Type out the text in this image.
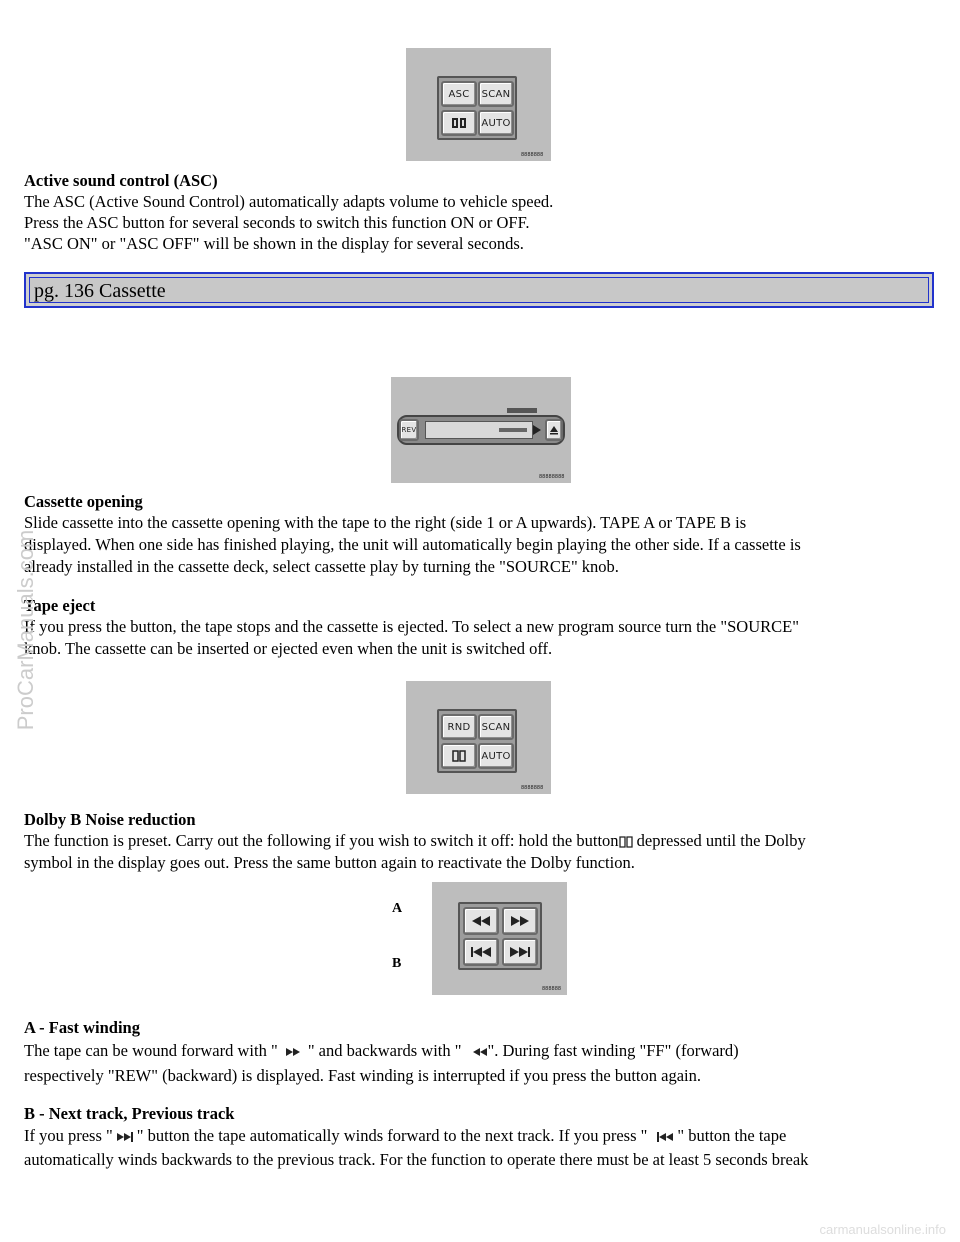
ASC	SCAN
AUTO
8888888

Active sound control (ASC)

The ASC (Active Sound Control) automatically adapts volume to vehicle speed.

Press the ASC button for several seconds to switch this function ON or OFF.

"ASC ON" or "ASC OFF" will be shown in the display for several seconds.

pg. 136 Cassette
REV
88888888

Cassette opening

Slide cassette into the cassette opening with the tape to the right (side 1 or A upwards). TAPE A or TAPE B is

displayed. When one side has finished playing, the unit will automatically begin playing the other side. If a cassette is

already installed in the cassette deck, select cassette play by turning the "SOURCE" knob.

Tape eject

If you press the button, the tape stops and the cassette is ejected. To select a new program source turn the "SOURCE"

knob. The cassette can be inserted or ejected even when the unit is switched off.

RND	SCAN
AUTO
8888888

Dolby B Noise reduction

The function is preset. Carry out the following if you wish to switch it off: hold the button depressed until the Dolby

symbol in the display goes out. Press the same button again to reactivate the Dolby function.

A
B
888888

A - Fast winding

The tape can be wound forward with " " and backwards with " ". During fast winding "FF" (forward)

respectively "REW" (backward) is displayed. Fast winding is interrupted if you press the button again.

B - Next track, Previous track

If you press " " button the tape automatically winds forward to the next track. If you press " " button the tape

automatically winds backwards to the previous track. For the function to operate there must be at least 5 seconds break

ProCarManuals.com
carmanualsonline.info
